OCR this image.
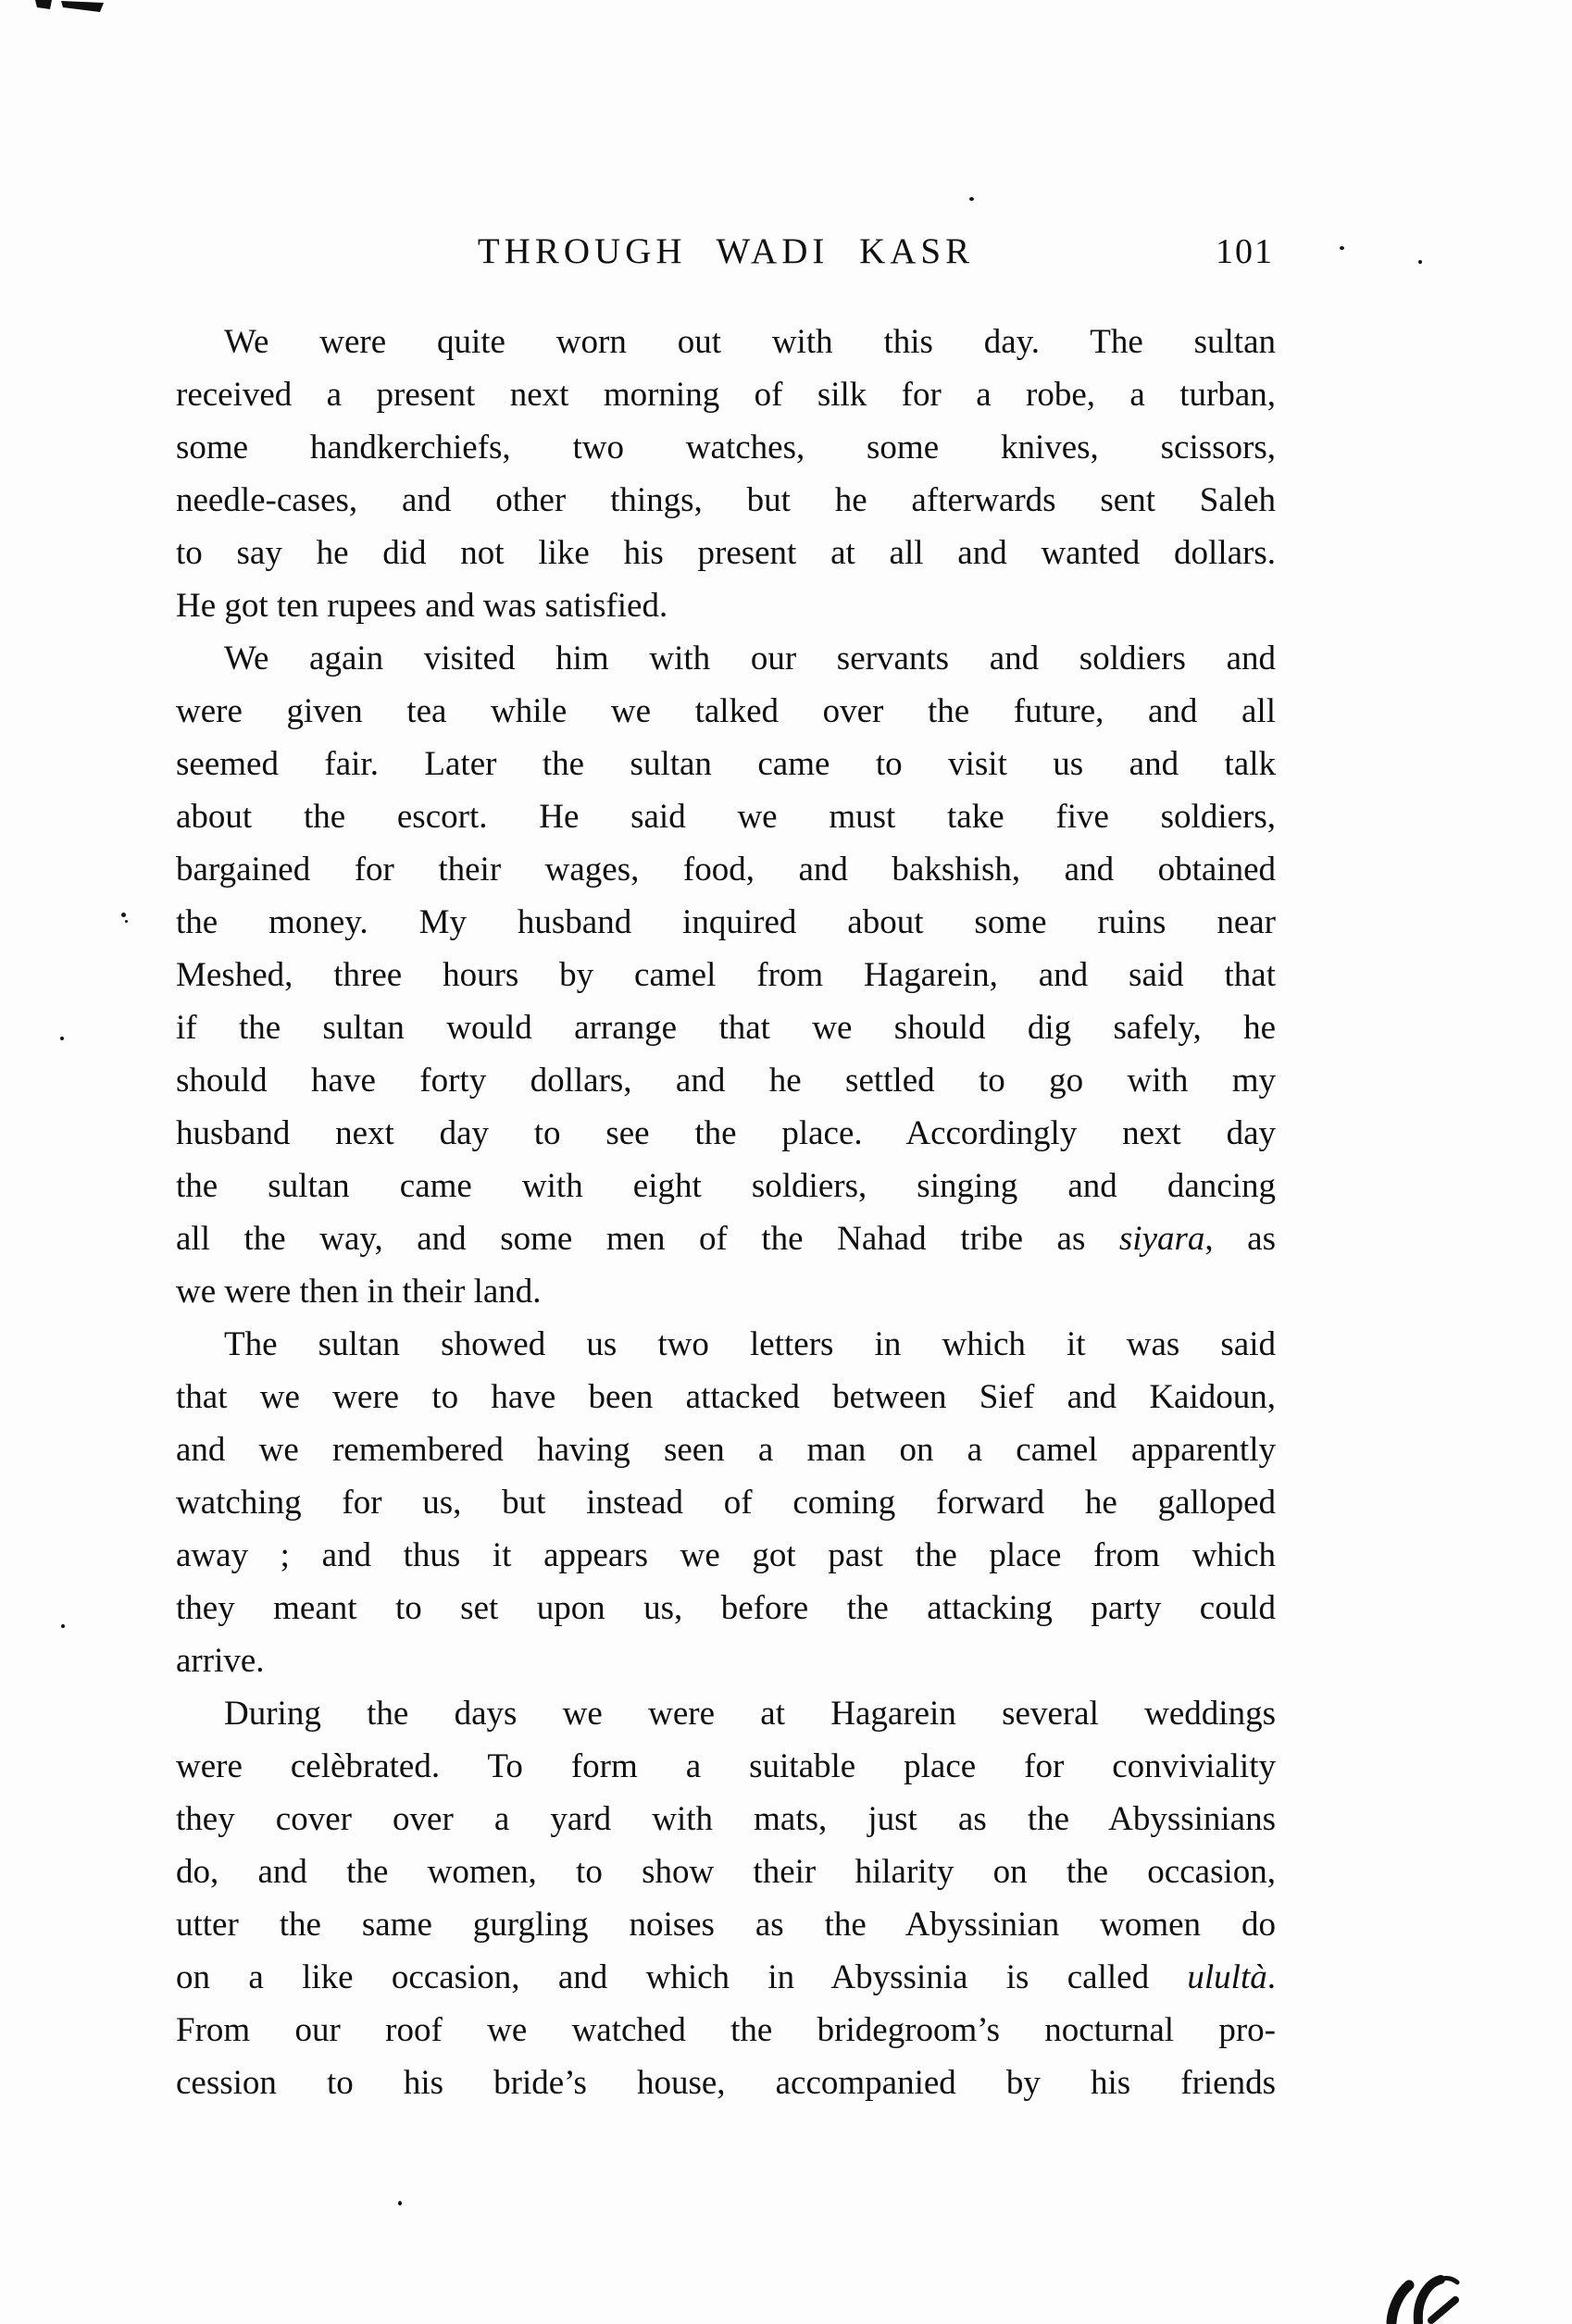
THROUGH WADI KASR	101

We were quite worn out with this day. The sultan
received a present next morning of silk for a robe, a turban,
some handkerchiefs, two watches, some knives, scissors,
needle-cases, and other things, but he afterwards sent Saleh
to say he did not like his present at all and wanted dollars.
He got ten rupees and was satisfied.

We again visited him with our servants and soldiers and
were given tea while we talked over the future, and all
seemed fair. Later the sultan came to visit us and talk
about the escort. He said we must take five soldiers,
bargained for their wages, food, and bakshish, and obtained
the money. My husband inquired about some ruins near
Meshed, three hours by camel from Hagarein, and said that
if the sultan would arrange that we should dig safely, he
should have forty dollars, and he settled to go with my
husband next day to see the place. Accordingly next day
the sultan came with eight soldiers, singing and dancing
all the way, and some men of the Nahad tribe as siyara, as
we were then in their land.

The sultan showed us two letters in which it was said
that we were to have been attacked between Sief and Kaidoun,
and we remembered having seen a man on a camel apparently
watching for us, but instead of coming forward he galloped
away ; and thus it appears we got past the place from which
they meant to set upon us, before the attacking party could
arrive.

During the days we were at Hagarein several weddings
were celèbrated. To form a suitable place for conviviality
they cover over a yard with mats, just as the Abyssinians
do, and the women, to show their hilarity on the occasion,
utter the same gurgling noises as the Abyssinian women do
on a like occasion, and which in Abyssinia is called ulultà.
From our roof we watched the bridegroom’s nocturnal pro-
cession to his bride’s house, accompanied by his friends
